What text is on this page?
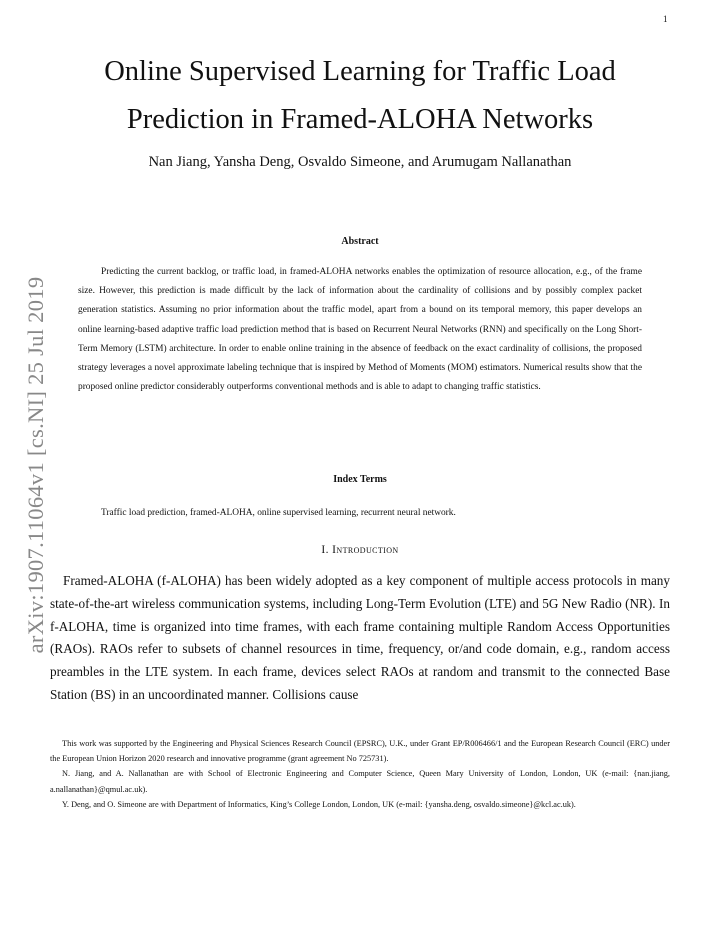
1
arXiv:1907.11064v1 [cs.NI] 25 Jul 2019
Online Supervised Learning for Traffic Load
Prediction in Framed-ALOHA Networks
Nan Jiang, Yansha Deng, Osvaldo Simeone, and Arumugam Nallanathan
Abstract

Predicting the current backlog, or traffic load, in framed-ALOHA networks enables the optimization of resource allocation, e.g., of the frame size. However, this prediction is made difficult by the lack of information about the cardinality of collisions and by possibly complex packet generation statistics. Assuming no prior information about the traffic model, apart from a bound on its temporal memory, this paper develops an online learning-based adaptive traffic load prediction method that is based on Recurrent Neural Networks (RNN) and specifically on the Long Short-Term Memory (LSTM) architecture. In order to enable online training in the absence of feedback on the exact cardinality of collisions, the proposed strategy leverages a novel approximate labeling technique that is inspired by Method of Moments (MOM) estimators. Numerical results show that the proposed online predictor considerably outperforms conventional methods and is able to adapt to changing traffic statistics.

Index Terms

Traffic load prediction, framed-ALOHA, online supervised learning, recurrent neural network.

I. Introduction

Framed-ALOHA (f-ALOHA) has been widely adopted as a key component of multiple access protocols in many state-of-the-art wireless communication systems, including Long-Term Evolution (LTE) and 5G New Radio (NR). In f-ALOHA, time is organized into time frames, with each frame containing multiple Random Access Opportunities (RAOs). RAOs refer to subsets of channel resources in time, frequency, or/and code domain, e.g., random access preambles in the LTE system. In each frame, devices select RAOs at random and transmit to the connected Base Station (BS) in an uncoordinated manner. Collisions cause

This work was supported by the Engineering and Physical Sciences Research Council (EPSRC), U.K., under Grant EP/R006466/1 and the European Research Council (ERC) under the European Union Horizon 2020 research and innovative programme (grant agreement No 725731).

N. Jiang, and A. Nallanathan are with School of Electronic Engineering and Computer Science, Queen Mary University of London, London, UK (e-mail: {nan.jiang, a.nallanathan}@qmul.ac.uk).

Y. Deng, and O. Simeone are with Department of Informatics, King’s College London, London, UK (e-mail: {yansha.deng, osvaldo.simeone}@kcl.ac.uk).
